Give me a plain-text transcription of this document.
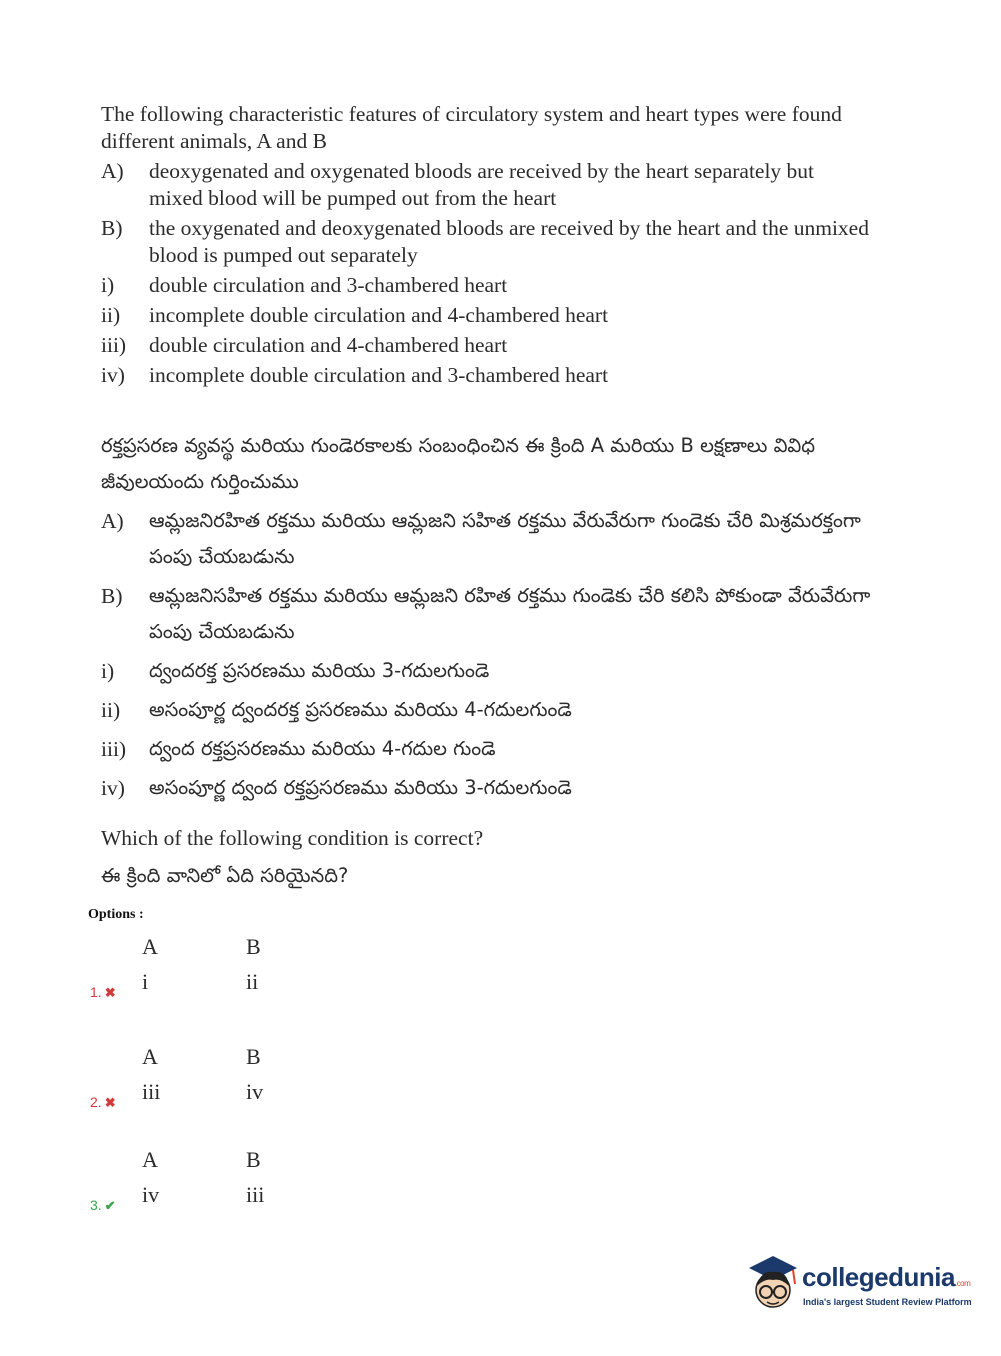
The following characteristic features of circulatory system and heart types were found different animals, A and B

A)	deoxygenated and oxygenated bloods are received by the heart separately but mixed blood will be pumped out from the heart
B)	the oxygenated and deoxygenated bloods are received by the heart and the unmixed blood is pumped out separately
i)	double circulation and 3-chambered heart
ii)	incomplete double circulation and 4-chambered heart
iii)	double circulation and 4-chambered heart
iv)	incomplete double circulation and 3-chambered heart

రక్తప్రసరణ వ్యవస్థ మరియు గుండెరకాలకు సంబంధించిన ఈ క్రింది A మరియు B లక్షణాలు వివిధ జీవులయందు గుర్తించుము

A)	ఆమ్లజనిరహిత రక్తము మరియు ఆమ్లజని సహిత రక్తము వేరువేరుగా గుండెకు చేరి మిశ్రమరక్తంగా పంపు చేయబడును
B)	ఆమ్లజనిసహిత రక్తము మరియు ఆమ్లజని రహిత రక్తము గుండెకు చేరి కలిసి పోకుండా వేరువేరుగా పంపు చేయబడును
i)	ద్వందరక్త ప్రసరణము మరియు 3-గదులగుండె
ii)	అసంపూర్ణ ద్వందరక్త ప్రసరణము మరియు 4-గదులగుండె
iii)	ద్వంద రక్తప్రసరణము మరియు 4-గదుల గుండె
iv)	అసంపూర్ణ ద్వంద రక్తప్రసరణము మరియు 3-గదులగుండె
Which of the following condition is correct?
ఈ క్రింది వానిలో ఏది సరియైనది?
Options :
A	B
i	ii
1. ✖
A	B
iii	iv
2. ✖
A	B
iv	iii
3. ✔
collegedunia.com
India's largest Student Review Platform
